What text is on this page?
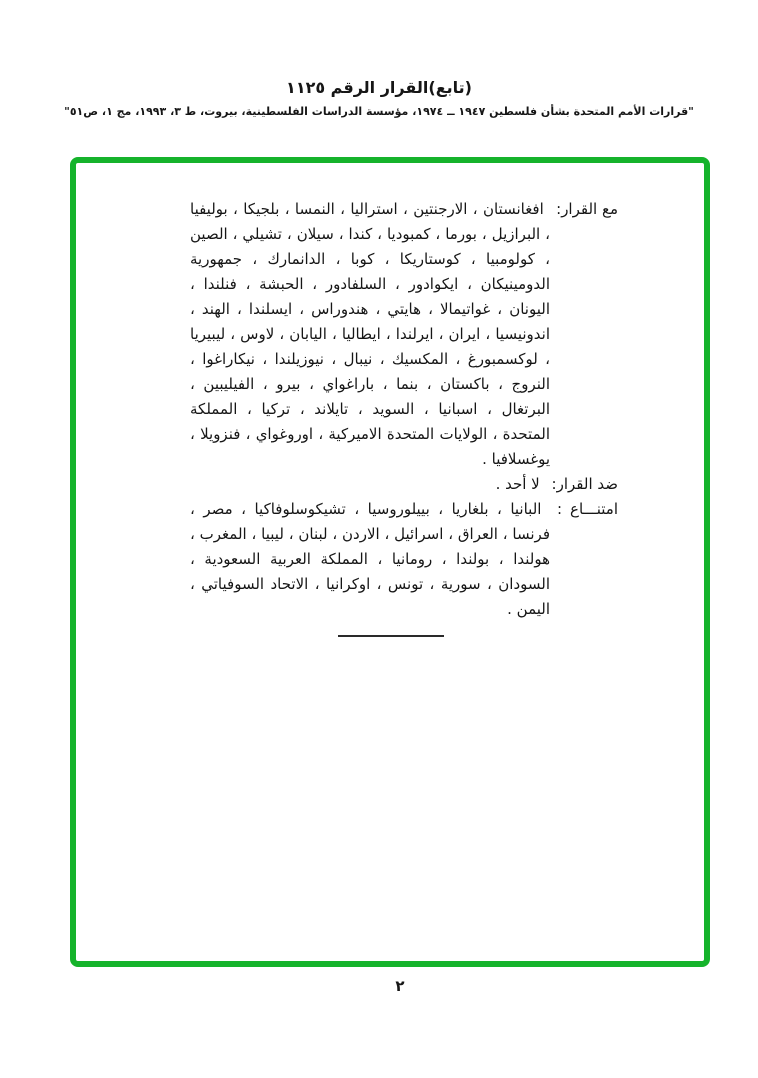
(تابع)القرار الرقم ١١٢٥
"قرارات الأمم المتحدة بشأن فلسطين ١٩٤٧ ــ ١٩٧٤، مؤسسة الدراسات الفلسطينية، بيروت، ط ٣، ١٩٩٣، مج ١، ص٥١"

مع القرار: افغانستان ، الارجنتين ، استراليا ، النمسا ، بلجيكا ، بوليفيا ، البرازيل ، بورما ، كمبوديا ، كندا ، سيلان ، تشيلي ، الصين ، كولومبيا ، كوستاريكا ، كوبا ، الدانمارك ، جمهورية الدومينيكان ، ايكوادور ، السلفادور ، الحبشة ، فنلندا ، اليونان ، غواتيمالا ، هايتي ، هندوراس ، ايسلندا ، الهند ، اندونيسيا ، ايران ، ايرلندا ، ايطاليا ، اليابان ، لاوس ، ليبيريا ، لوكسمبورغ ، المكسيك ، نيبال ، نيوزيلندا ، نيكاراغوا ، النروج ، باكستان ، بنما ، باراغواي ، بيرو ، الفيليبين ، البرتغال ، اسبانيا ، السويد ، تايلاند ، تركيا ، المملكة المتحدة ، الولايات المتحدة الاميركية ، اوروغواي ، فنزويلا ، يوغسلافيا .

ضد القرار: لا أحد .

امتنـــاع: البانيا ، بلغاريا ، بييلوروسيا ، تشيكوسلوفاكيا ، مصر ، فرنسا ، العراق ، اسرائيل ، الاردن ، لبنان ، ليبيا ، المغرب ، هولندا ، بولندا ، رومانيا ، المملكة العربية السعودية ، السودان ، سورية ، تونس ، اوكرانيا ، الاتحاد السوفياتي ، اليمن .

٢
